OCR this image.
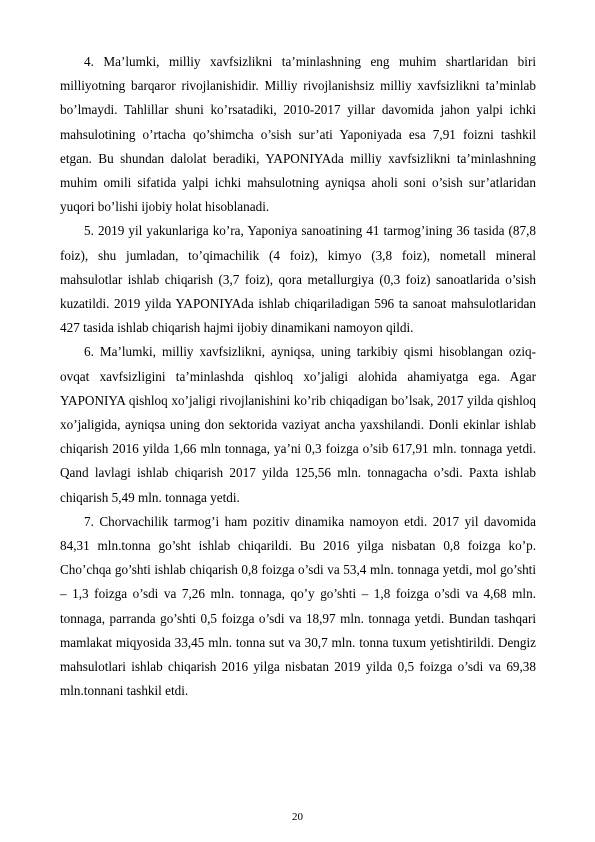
4. Ma’lumki, milliy xavfsizlikni ta’minlashning eng muhim shartlaridan biri milliyotning barqaror rivojlanishidir. Milliy rivojlanishsiz milliy xavfsizlikni ta’minlab bo’lmaydi. Tahlillar shuni ko’rsatadiki, 2010-2017 yillar davomida jahon yalpi ichki mahsulotining o’rtacha qo’shimcha o’sish sur’ati Yaponiyada esa 7,91 foizni tashkil etgan. Bu shundan dalolat beradiki, YAPONIYAda milliy xavfsizlikni ta’minlashning muhim omili sifatida yalpi ichki mahsulotning ayniqsa aholi soni o’sish sur’atlaridan yuqori bo’lishi ijobiy holat hisoblanadi.

5. 2019 yil yakunlariga ko’ra, Yaponiya sanoatining 41 tarmog’ining 36 tasida (87,8 foiz), shu jumladan, to’qimachilik (4 foiz), kimyo (3,8 foiz), nometall mineral mahsulotlar ishlab chiqarish (3,7 foiz), qora metallurgiya (0,3 foiz) sanoatlarida o’sish kuzatildi. 2019 yilda YAPONIYAda ishlab chiqariladigan 596 ta sanoat mahsulotlaridan 427 tasida ishlab chiqarish hajmi ijobiy dinamikani namoyon qildi.

6. Ma’lumki, milliy xavfsizlikni, ayniqsa, uning tarkibiy qismi hisoblangan oziq-ovqat xavfsizligini ta’minlashda qishloq xo’jaligi alohida ahamiyatga ega. Agar YAPONIYA qishloq xo’jaligi rivojlanishini ko’rib chiqadigan bo’lsak, 2017 yilda qishloq xo’jaligida, ayniqsa uning don sektorida vaziyat ancha yaxshilandi. Donli ekinlar ishlab chiqarish 2016 yilda 1,66 mln tonnaga, ya’ni 0,3 foizga o’sib 617,91 mln. tonnaga yetdi. Qand lavlagi ishlab chiqarish 2017 yilda 125,56 mln. tonnagacha o’sdi. Paxta ishlab chiqarish 5,49 mln. tonnaga yetdi.

7. Chorvachilik tarmog’i ham pozitiv dinamika namoyon etdi. 2017 yil davomida 84,31 mln.tonna go’sht ishlab chiqarildi. Bu 2016 yilga nisbatan 0,8 foizga ko’p. Cho’chqa go’shti ishlab chiqarish 0,8 foizga o’sdi va 53,4 mln. tonnaga yetdi, mol go’shti – 1,3 foizga o’sdi va 7,26 mln. tonnaga, qo’y go’shti – 1,8 foizga o’sdi va 4,68 mln. tonnaga, parranda go’shti 0,5 foizga o’sdi va 18,97 mln. tonnaga yetdi. Bundan tashqari mamlakat miqyosida 33,45 mln. tonna sut va 30,7 mln. tonna tuxum yetishtirildi. Dengiz mahsulotlari ishlab chiqarish 2016 yilga nisbatan 2019 yilda 0,5 foizga o’sdi va 69,38 mln.tonnani tashkil etdi.

20
